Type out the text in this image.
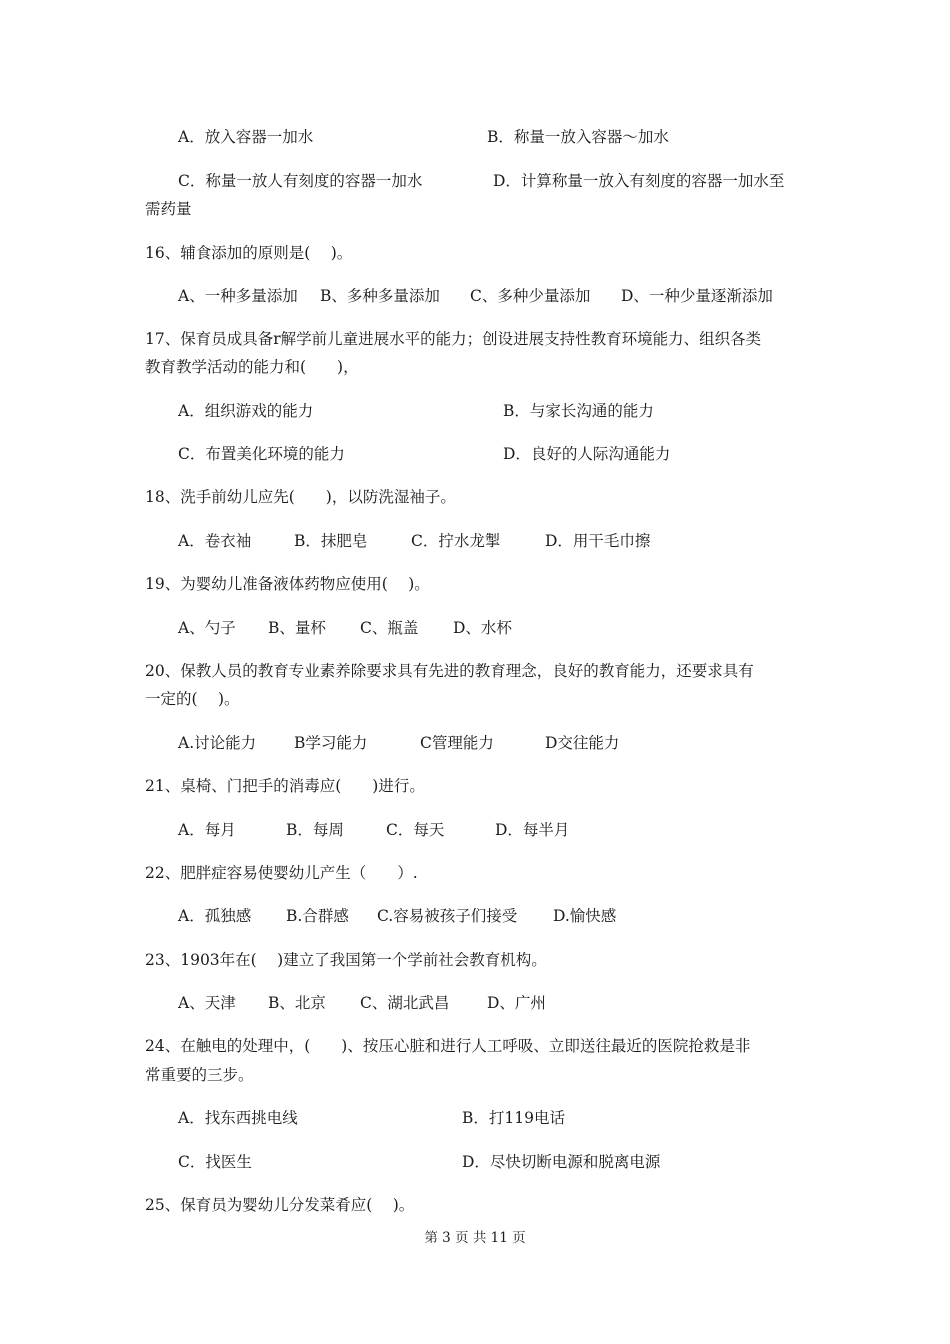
A．放入容器一加水	B．称量一放入容器～加水
C．称量一放人有刻度的容器一加水	D．计算称量一放入有刻度的容器一加水至
需药量
16、辅食添加的原则是(　 )。
A、一种多量添加 B、多种多量添加 C、多种少量添加 D、一种少量逐渐添加
17、保育员成具备r解学前儿童进展水平的能力；创设进展支持性教育环境能力、组织各类
教育教学活动的能力和(　　)，
A．组织游戏的能力	B．与家长沟通的能力
C．布置美化环境的能力	D．良好的人际沟通能力
18、洗手前幼儿应先(　　)，以防洗湿袖子。
A．卷衣袖	B．抹肥皂	C．拧水龙掣	D．用干毛巾擦
19、为婴幼儿准备液体药物应使用(　 )。
A、勺子 B、量杯 C、瓶盖 D、水杯
20、保教人员的教育专业素养除要求具有先进的教育理念，良好的教育能力，还要求具有
一定的(　 )。
A.讨论能力 B学习能力	C管理能力	D交往能力
21、桌椅、门把手的消毒应(　　)进行。
A．每月	B．每周	C．每天	D．每半月
22、肥胖症容易使婴幼儿产生（　　）.
A．孤独感 B.合群感 C.容易被孩子们接受 D.愉快感
23、1903年在(　 )建立了我国第一个学前社会教育机构。
A、天津 B、北京 C、湖北武昌 D、广州
24、在触电的处理中，(　　)、按压心脏和进行人工呼吸、立即送往最近的医院抢救是非
常重要的三步。
A．找东西挑电线	B．打119电话
C．找医生	D．尽快切断电源和脱离电源
25、保育员为婴幼儿分发菜肴应(　 )。
第 3 页 共 11 页
